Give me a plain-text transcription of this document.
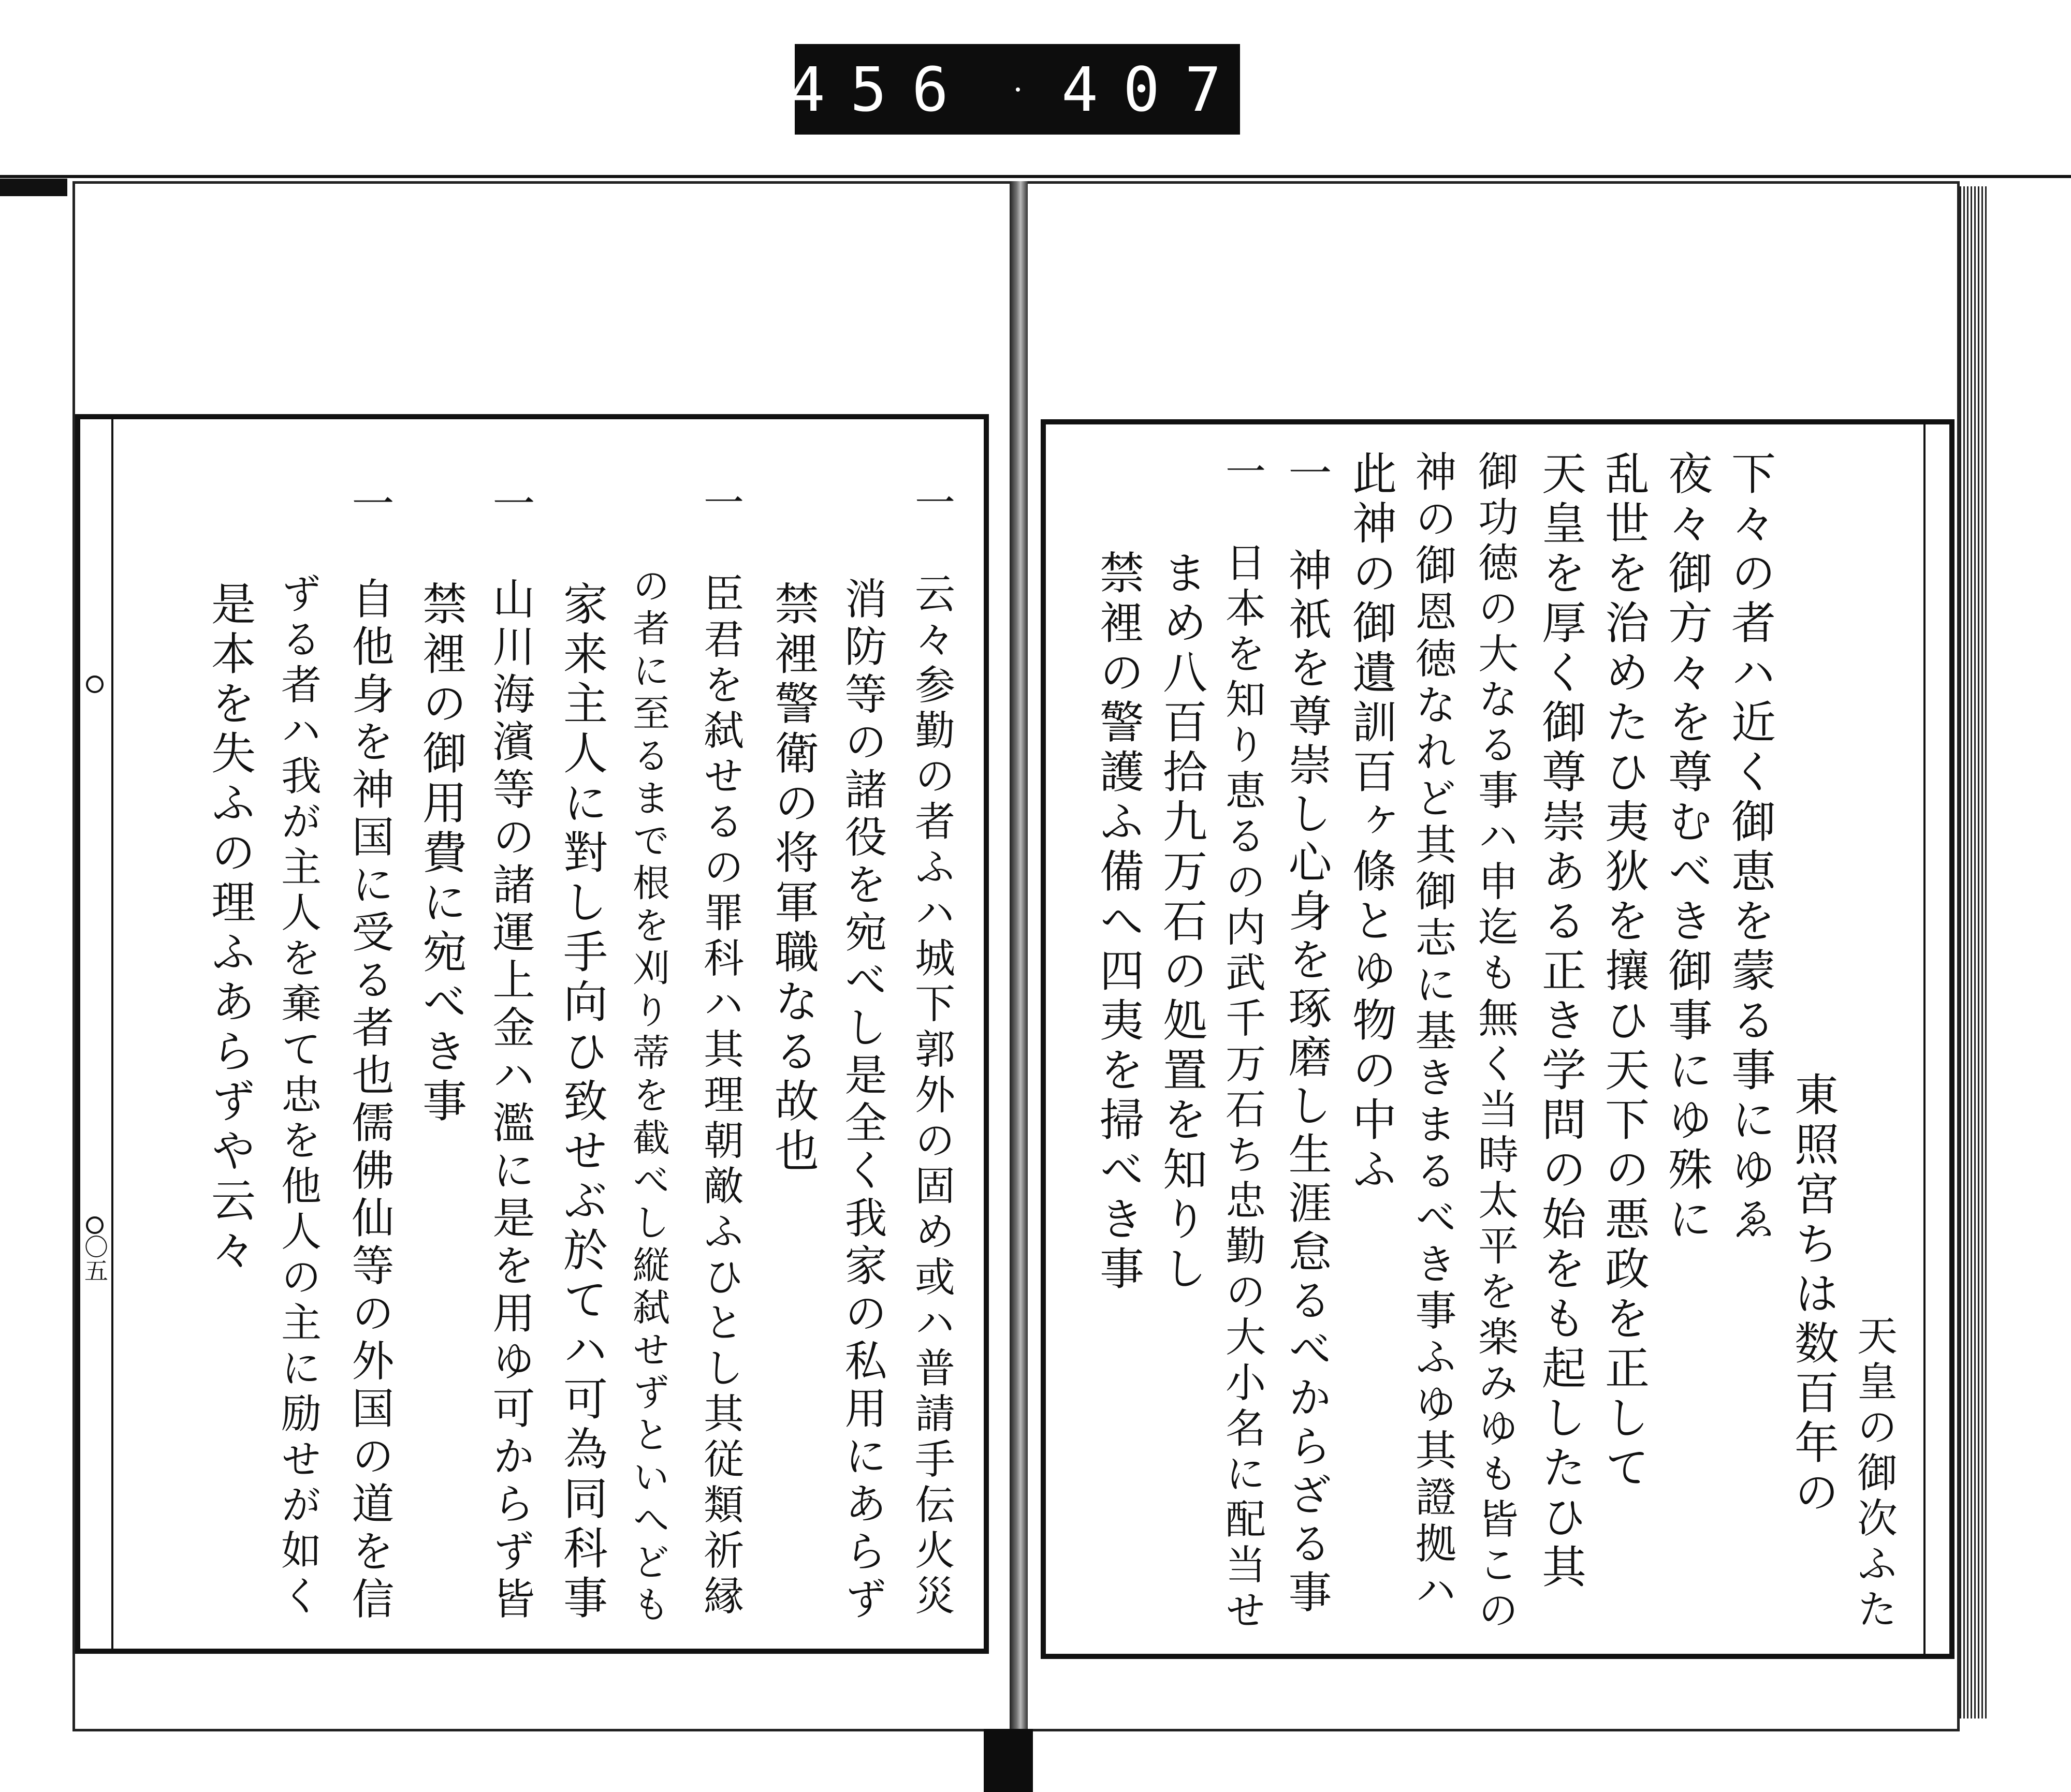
456 407
〇五
天皇の御次ふた
東照宮ちは数百年の
下々の者ハ近く御恵を蒙る事にゆゑ
夜々御方々を尊むべき御事にゆ殊に
乱世を治めたひ夷狄を攘ひ天下の悪政を正して
天皇を厚く御尊崇ある正き学問の始をも起したひ其
御功徳の大なる事ハ申迄も無く当時太平を楽みゆも皆この
神の御恩徳なれど其御志に基きまるべき事ふゆ其證拠ハ
此神の御遺訓百ヶ條とゆ物の中ふ
一　神祇を尊崇し心身を琢磨し生涯怠るべからざる事
一　日本を知り恵るの内武千万石ち忠勤の大小名に配当せ
　　まめ八百拾九万石の処置を知りし
　　禁裡の警護ふ備へ四夷を掃べき事
一　云々参勤の者ふハ城下郭外の固め或ハ普請手伝火災
　　消防等の諸役を宛べし是全く我家の私用にあらず
　　禁裡警衛の将軍職なる故也
一　臣君を弑せるの罪科ハ其理朝敵ふひとし其従類祈縁
　　の者に至るまで根を刈り蒂を截べし縦弑せずといへども
　　家来主人に對し手向ひ致せぶ於てハ可為同科事
一　山川海濱等の諸運上金ハ濫に是を用ゆ可からず皆
　　禁裡の御用費に宛べき事
一　自他身を神国に受る者也儒佛仙等の外国の道を信
　　ずる者ハ我が主人を棄て忠を他人の主に励せが如く
　　是本を失ふの理ふあらずや云々
